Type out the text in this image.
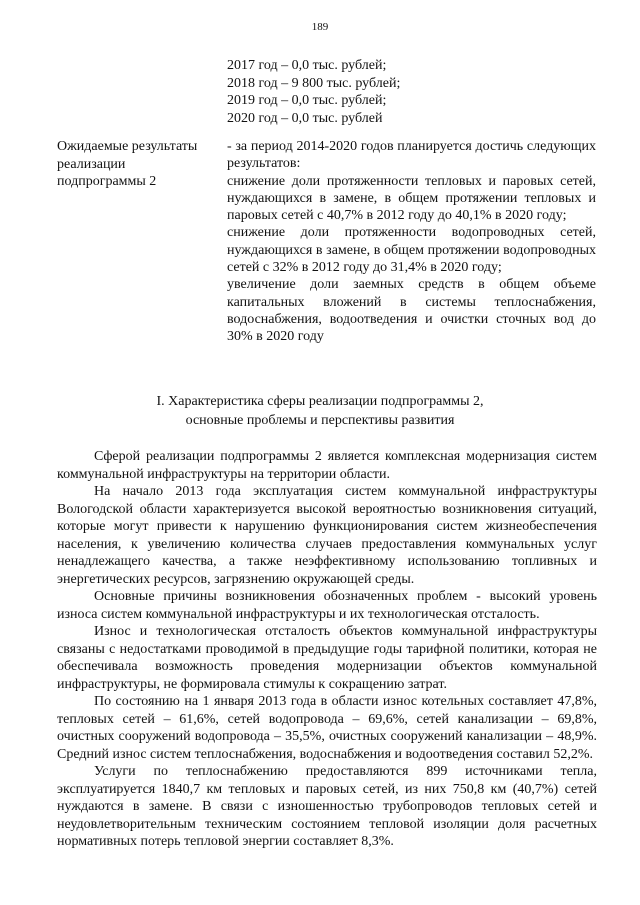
189
2017 год – 0,0 тыс. рублей;
2018 год – 9 800 тыс. рублей;
2019 год – 0,0 тыс. рублей;
2020 год – 0,0 тыс. рублей
Ожидаемые результаты
реализации
подпрограммы 2

- за период 2014-2020 годов планируется достичь следующих результатов:

снижение доли протяженности тепловых и паровых сетей, нуждающихся в замене, в общем протяжении тепловых и паровых сетей с 40,7% в 2012 году до 40,1% в 2020 году;

снижение доли протяженности водопроводных сетей, нуждающихся в замене, в общем протяжении водопроводных сетей с 32% в 2012 году до 31,4% в 2020 году;

увеличение доли заемных средств в общем объеме капитальных вложений в системы теплоснабжения, водоснабжения, водоотведения и очистки сточных вод до 30% в 2020 году

I. Характеристика сферы реализации подпрограммы 2,
основные проблемы и перспективы развития

Сферой реализации подпрограммы 2 является комплексная модернизация систем коммунальной инфраструктуры на территории области.

На начало 2013 года эксплуатация систем коммунальной инфраструктуры Вологодской области характеризуется высокой вероятностью возникновения ситуаций, которые могут привести к нарушению функционирования систем жизнеобеспечения населения, к увеличению количества случаев предоставления коммунальных услуг ненадлежащего качества, а также неэффективному использованию топливных и энергетических ресурсов, загрязнению окружающей среды.

Основные причины возникновения обозначенных проблем - высокий уровень износа систем коммунальной инфраструктуры и их технологическая отсталость.

Износ и технологическая отсталость объектов коммунальной инфраструктуры связаны с недостатками проводимой в предыдущие годы тарифной политики, которая не обеспечивала возможность проведения модернизации объектов коммунальной инфраструктуры, не формировала стимулы к сокращению затрат.

По состоянию на 1 января 2013 года в области износ котельных составляет 47,8%, тепловых сетей – 61,6%, сетей водопровода – 69,6%, сетей канализации – 69,8%, очистных сооружений водопровода – 35,5%, очистных сооружений канализации – 48,9%. Средний износ систем теплоснабжения, водоснабжения и водоотведения составил 52,2%.

Услуги по теплоснабжению предоставляются 899 источниками тепла, эксплуатируется 1840,7 км тепловых и паровых сетей, из них 750,8 км (40,7%) сетей нуждаются в замене. В связи с изношенностью трубопроводов тепловых сетей и неудовлетворительным техническим состоянием тепловой изоляции доля расчетных нормативных потерь тепловой энергии составляет 8,3%.
